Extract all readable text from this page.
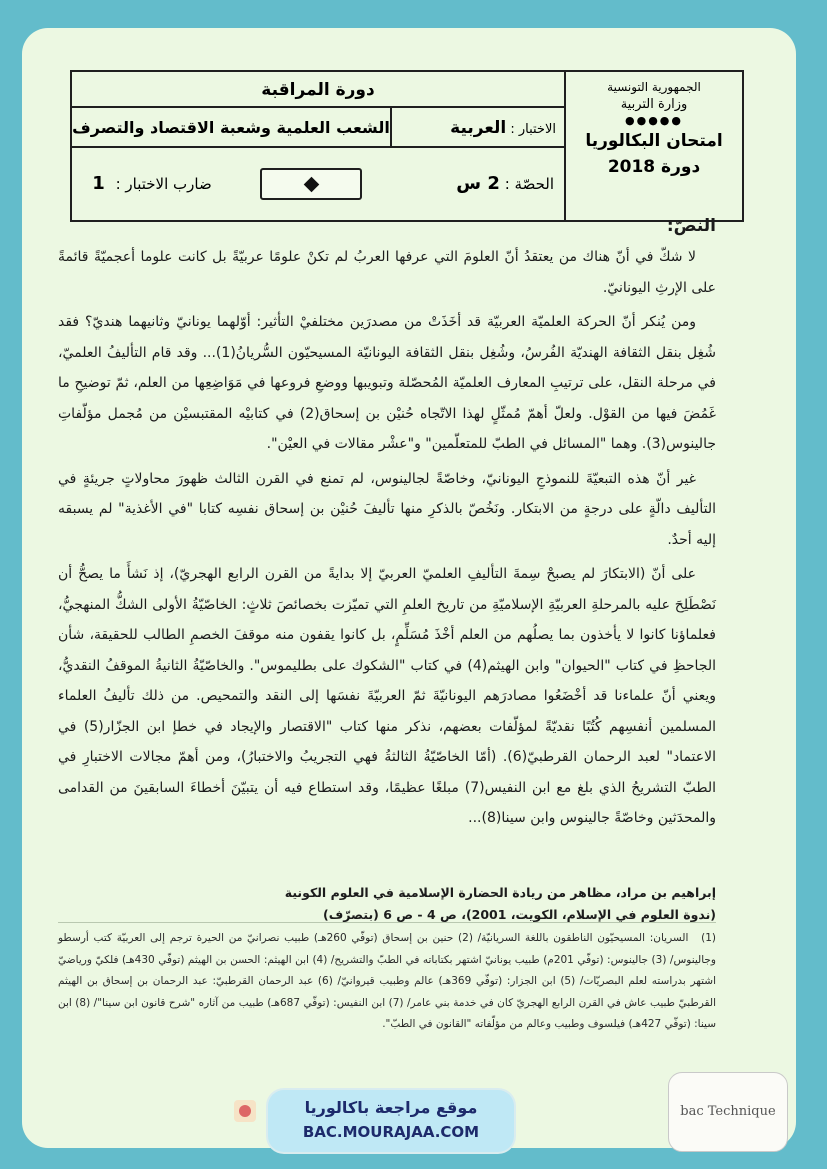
دورة المراقبة
الاختبار : العربية
الشعب العلمية وشعبة الاقتصاد والتصرف
الحصّة : 2 س
ضارب الاختبار : 1
الجمهورية التونسية
وزارة التربية
●●●●●
امتحان البكالوريا
دورة 2018
النصّ:

لا شكّ في أنّ هناك من يعتقدُ أنّ العلومَ التي عرفها العربُ لم تكنْ علومًا عربيّةً بل كانت علوما أعجميّةً قائمةً على الإرثِ اليونانيّ.

ومن يُنكر أنّ الحركة العلميّة العربيّة قد أخَذَتْ من مصدرَين مختلفيْ التأثير: أوّلهما يونانيّ وثانيهما هنديّ؟ فقد شُغِل بنقل الثقافة الهنديّة الفُرسُ، وشُغِل بنقل الثقافة اليونانيّة المسيحيّون السُّريانُ(1)... وقد قام التأليفُ العلميّ، في مرحلة النقل، على ترتيبِ المعارف العلميّة المُحصّلة وتبويبها ووضعِ فروعها في مَوَاضِعِها من العلم، ثمّ توضيحِ ما غَمُضَ فيها من القوْل. ولعلّ أهمّ مُمثّلٍ لهذا الاتّجاه حُنيْن بن إسحاق(2) في كتابيْه المقتبسيْن من مُجمل مؤلّفاتِ جالينوس(3). وهما "المسائل في الطبّ للمتعلّمين" و"عشْر مقالات في العيْن".

غير أنّ هذه التبعيّةَ للنموذجِ اليونانيّ، وخاصّةً لجالينوس، لم تمنع في القرن الثالث ظهورَ محاولاتٍ جريئةٍ في التأليف دالّةٍ على درجةٍ من الابتكار. ونَخُصّ بالذكرِ منها تأليفَ حُنيْن بن إسحاق نفسِه كتابا "في الأغذية" لم يسبقه إليه أحدٌ.

على أنّ (الابتكارَ لم يصبحْ سِمةَ التأليفِ العلميّ العربيّ إلا بدايةً من القرن الرابع الهجريّ)، إذ نَشأَ ما يصحُّ أن نَصْطَلِحَ عليه بالمرحلةِ العربيّةِ الإسلاميّةِ من تاريخ العلمِ التي تميّزت بخصائصَ ثلاثٍ: الخاصّيّةُ الأولى الشكُّ المنهجيُّ، فعلماؤنا كانوا لا يأخذون بما يصلُهم من العلم أخْذَ مُسَلِّمٍ، بل كانوا يقفون منه موقفَ الخصمِ الطالب للحقيقة، شأن الجاحظِ في كتاب "الحيوان" وابن الهيثم(4) في كتاب "الشكوك على بطليموس". والخاصّيّةُ الثانيةُ الموقفُ النقديُّ، ويعني أنّ علماءنا قد أخْضَعُوا مصادرَهم اليونانيّةَ ثمّ العربيّةَ نفسَها إلى النقد والتمحيص. من ذلك تأليفُ العلماء المسلمين أنفسِهم كُتُبًا نقديّةً لمؤلّفات بعضهم، نذكر منها كتاب "الاقتصار والإيجاد في خطإ ابن الجزّار(5) في الاعتماد" لعبد الرحمان القرطبيّ(6). (أمّا الخاصّيّةُ الثالثةُ فهي التجريبُ والاختبارُ)، ومن أهمّ مجالات الاختبارِ في الطبّ التشريحُ الذي بلغ مع ابن النفيس(7) مبلغًا عظيمًا، وقد استطاع فيه أن يتبيّنَ أخطاءَ السابقينَ من القدامى والمحدَثين وخاصّةً جالينوس وابن سينا(8)...

إبراهيم بن مراد، مظاهر من ريادة الحضارة الإسلامية في العلوم الكونية
(ندوة العلوم في الإسلام، الكويت، 2001)، ص 4 - ص 6 (بتصرّف)
(1) السريان: المسيحيّون الناطقون باللغة السريانيّة/ (2) حنين بن إسحاق (توفّي 260هـ) طبيب نصرانيّ من الحيرة ترجم إلى العربيّة كتب أرسطو وجالينوس/ (3) جالينوس: (توفّي 201م) طبيب يونانيّ اشتهر بكتاباته في الطبّ والتشريح/ (4) ابن الهيثم: الحسن بن الهيثم (توفّي 430هـ) فلكيّ ورياضيّ اشتهر بدراسته لعلم البصريّات/ (5) ابن الجزار: (توفّي 369هـ) عالم وطبيب قيروانيّ/ (6) عبد الرحمان القرطبيّ: عبد الرحمان بن إسحاق بن الهيثم القرطبيّ طبيب عاش في القرن الرابع الهجريّ كان في خدمة بني عامر/ (7) ابن النفيس: (توفّي 687هـ) طبيب من آثاره "شرح قانون ابن سينا"/ (8) ابن سينا: (توفّي 427هـ) فيلسوف وطبيب وعالم من مؤلّفاته "القانون في الطبّ".
موقع مراجعة باكالوريا
BAC.MOURAJAA.COM
bac Technique
